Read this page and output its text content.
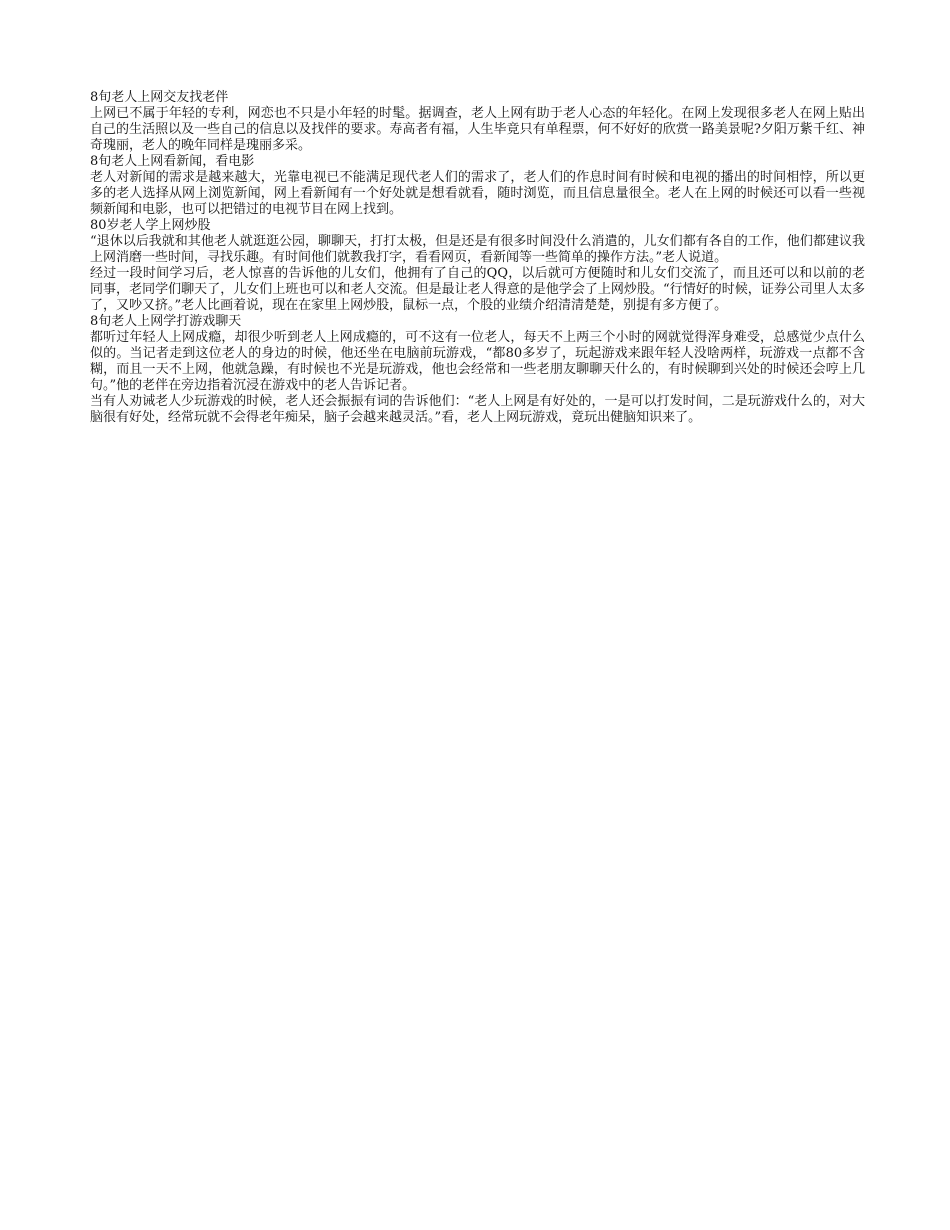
8旬老人上网交友找老伴

上网已不属于年轻的专利，网恋也不只是小年轻的时髦。据调查，老人上网有助于老人心态的年轻化。在网上发现很多老人在网上贴出自己的生活照以及一些自己的信息以及找伴的要求。寿高者有福，人生毕竟只有单程票，何不好好的欣赏一路美景呢?夕阳万紫千红、神奇瑰丽，老人的晚年同样是瑰丽多采。

8旬老人上网看新闻，看电影

老人对新闻的需求是越来越大，光靠电视已不能满足现代老人们的需求了，老人们的作息时间有时候和电视的播出的时间相悖，所以更多的老人选择从网上浏览新闻，网上看新闻有一个好处就是想看就看，随时浏览，而且信息量很全。老人在上网的时候还可以看一些视频新闻和电影，也可以把错过的电视节目在网上找到。

80岁老人学上网炒股

“退休以后我就和其他老人就逛逛公园，聊聊天，打打太极，但是还是有很多时间没什么消遣的，儿女们都有各自的工作，他们都建议我上网消磨一些时间，寻找乐趣。有时间他们就教我打字，看看网页，看新闻等一些简单的操作方法。”老人说道。

经过一段时间学习后，老人惊喜的告诉他的儿女们，他拥有了自己的QQ，以后就可方便随时和儿女们交流了，而且还可以和以前的老同事，老同学们聊天了，儿女们上班也可以和老人交流。但是最让老人得意的是他学会了上网炒股。“行情好的时候，证券公司里人太多了，又吵又挤。”老人比画着说，现在在家里上网炒股，鼠标一点，个股的业绩介绍清清楚楚，别提有多方便了。

8旬老人上网学打游戏聊天

都听过年轻人上网成瘾，却很少听到老人上网成瘾的，可不这有一位老人，每天不上两三个小时的网就觉得浑身难受，总感觉少点什么似的。当记者走到这位老人的身边的时候，他还坐在电脑前玩游戏，“都80多岁了，玩起游戏来跟年轻人没啥两样，玩游戏一点都不含糊，而且一天不上网，他就急躁，有时候也不光是玩游戏，他也会经常和一些老朋友聊聊天什么的，有时候聊到兴处的时候还会哼上几句。”他的老伴在旁边指着沉浸在游戏中的老人告诉记者。

当有人劝诫老人少玩游戏的时候，老人还会振振有词的告诉他们：“老人上网是有好处的，一是可以打发时间，二是玩游戏什么的，对大脑很有好处，经常玩就不会得老年痴呆，脑子会越来越灵活。”看，老人上网玩游戏，竟玩出健脑知识来了。
